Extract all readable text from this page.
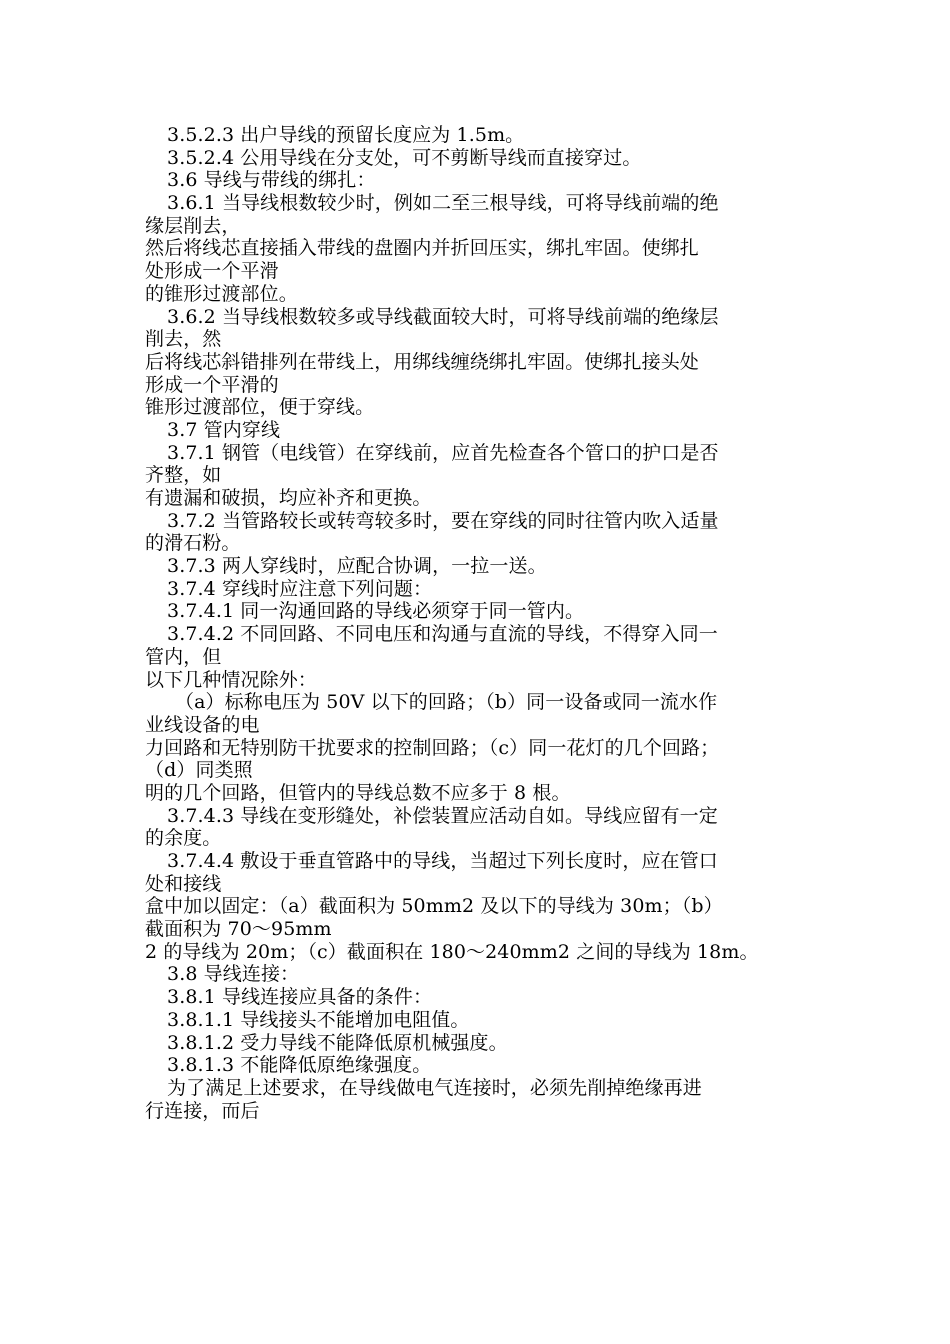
3.5.2.3 出户导线的预留长度应为 1.5m。
3.5.2.4 公用导线在分支处，可不剪断导线而直接穿过。
3.6 导线与带线的绑扎：
3.6.1 当导线根数较少时，例如二至三根导线，可将导线前端的绝
缘层削去，
然后将线芯直接插入带线的盘圈内并折回压实，绑扎牢固。使绑扎
处形成一个平滑
的锥形过渡部位。
3.6.2 当导线根数较多或导线截面较大时，可将导线前端的绝缘层
削去，然
后将线芯斜错排列在带线上，用绑线缠绕绑扎牢固。使绑扎接头处
形成一个平滑的
锥形过渡部位，便于穿线。
3.7 管内穿线
3.7.1 钢管（电线管）在穿线前，应首先检查各个管口的护口是否
齐整，如
有遗漏和破损，均应补齐和更换。
3.7.2 当管路较长或转弯较多时，要在穿线的同时往管内吹入适量
的滑石粉。
3.7.3 两人穿线时，应配合协调，一拉一送。
3.7.4 穿线时应注意下列问题：
3.7.4.1 同一沟通回路的导线必须穿于同一管内。
3.7.4.2 不同回路、不同电压和沟通与直流的导线，不得穿入同一
管内，但
以下几种情况除外：
（a）标称电压为 50V 以下的回路；（b）同一设备或同一流水作
业线设备的电
力回路和无特别防干扰要求的控制回路；（c）同一花灯的几个回路；
（d）同类照
明的几个回路，但管内的导线总数不应多于 8 根。
3.7.4.3 导线在变形缝处，补偿装置应活动自如。导线应留有一定
的余度。
3.7.4.4 敷设于垂直管路中的导线，当超过下列长度时，应在管口
处和接线
盒中加以固定：（a）截面积为 50mm2 及以下的导线为 30m；（b）
截面积为 70～95mm
2 的导线为 20m；（c）截面积在 180～240mm2 之间的导线为 18m。
3.8 导线连接：
3.8.1 导线连接应具备的条件：
3.8.1.1 导线接头不能增加电阻值。
3.8.1.2 受力导线不能降低原机械强度。
3.8.1.3 不能降低原绝缘强度。
为了满足上述要求，在导线做电气连接时，必须先削掉绝缘再进
行连接，而后
